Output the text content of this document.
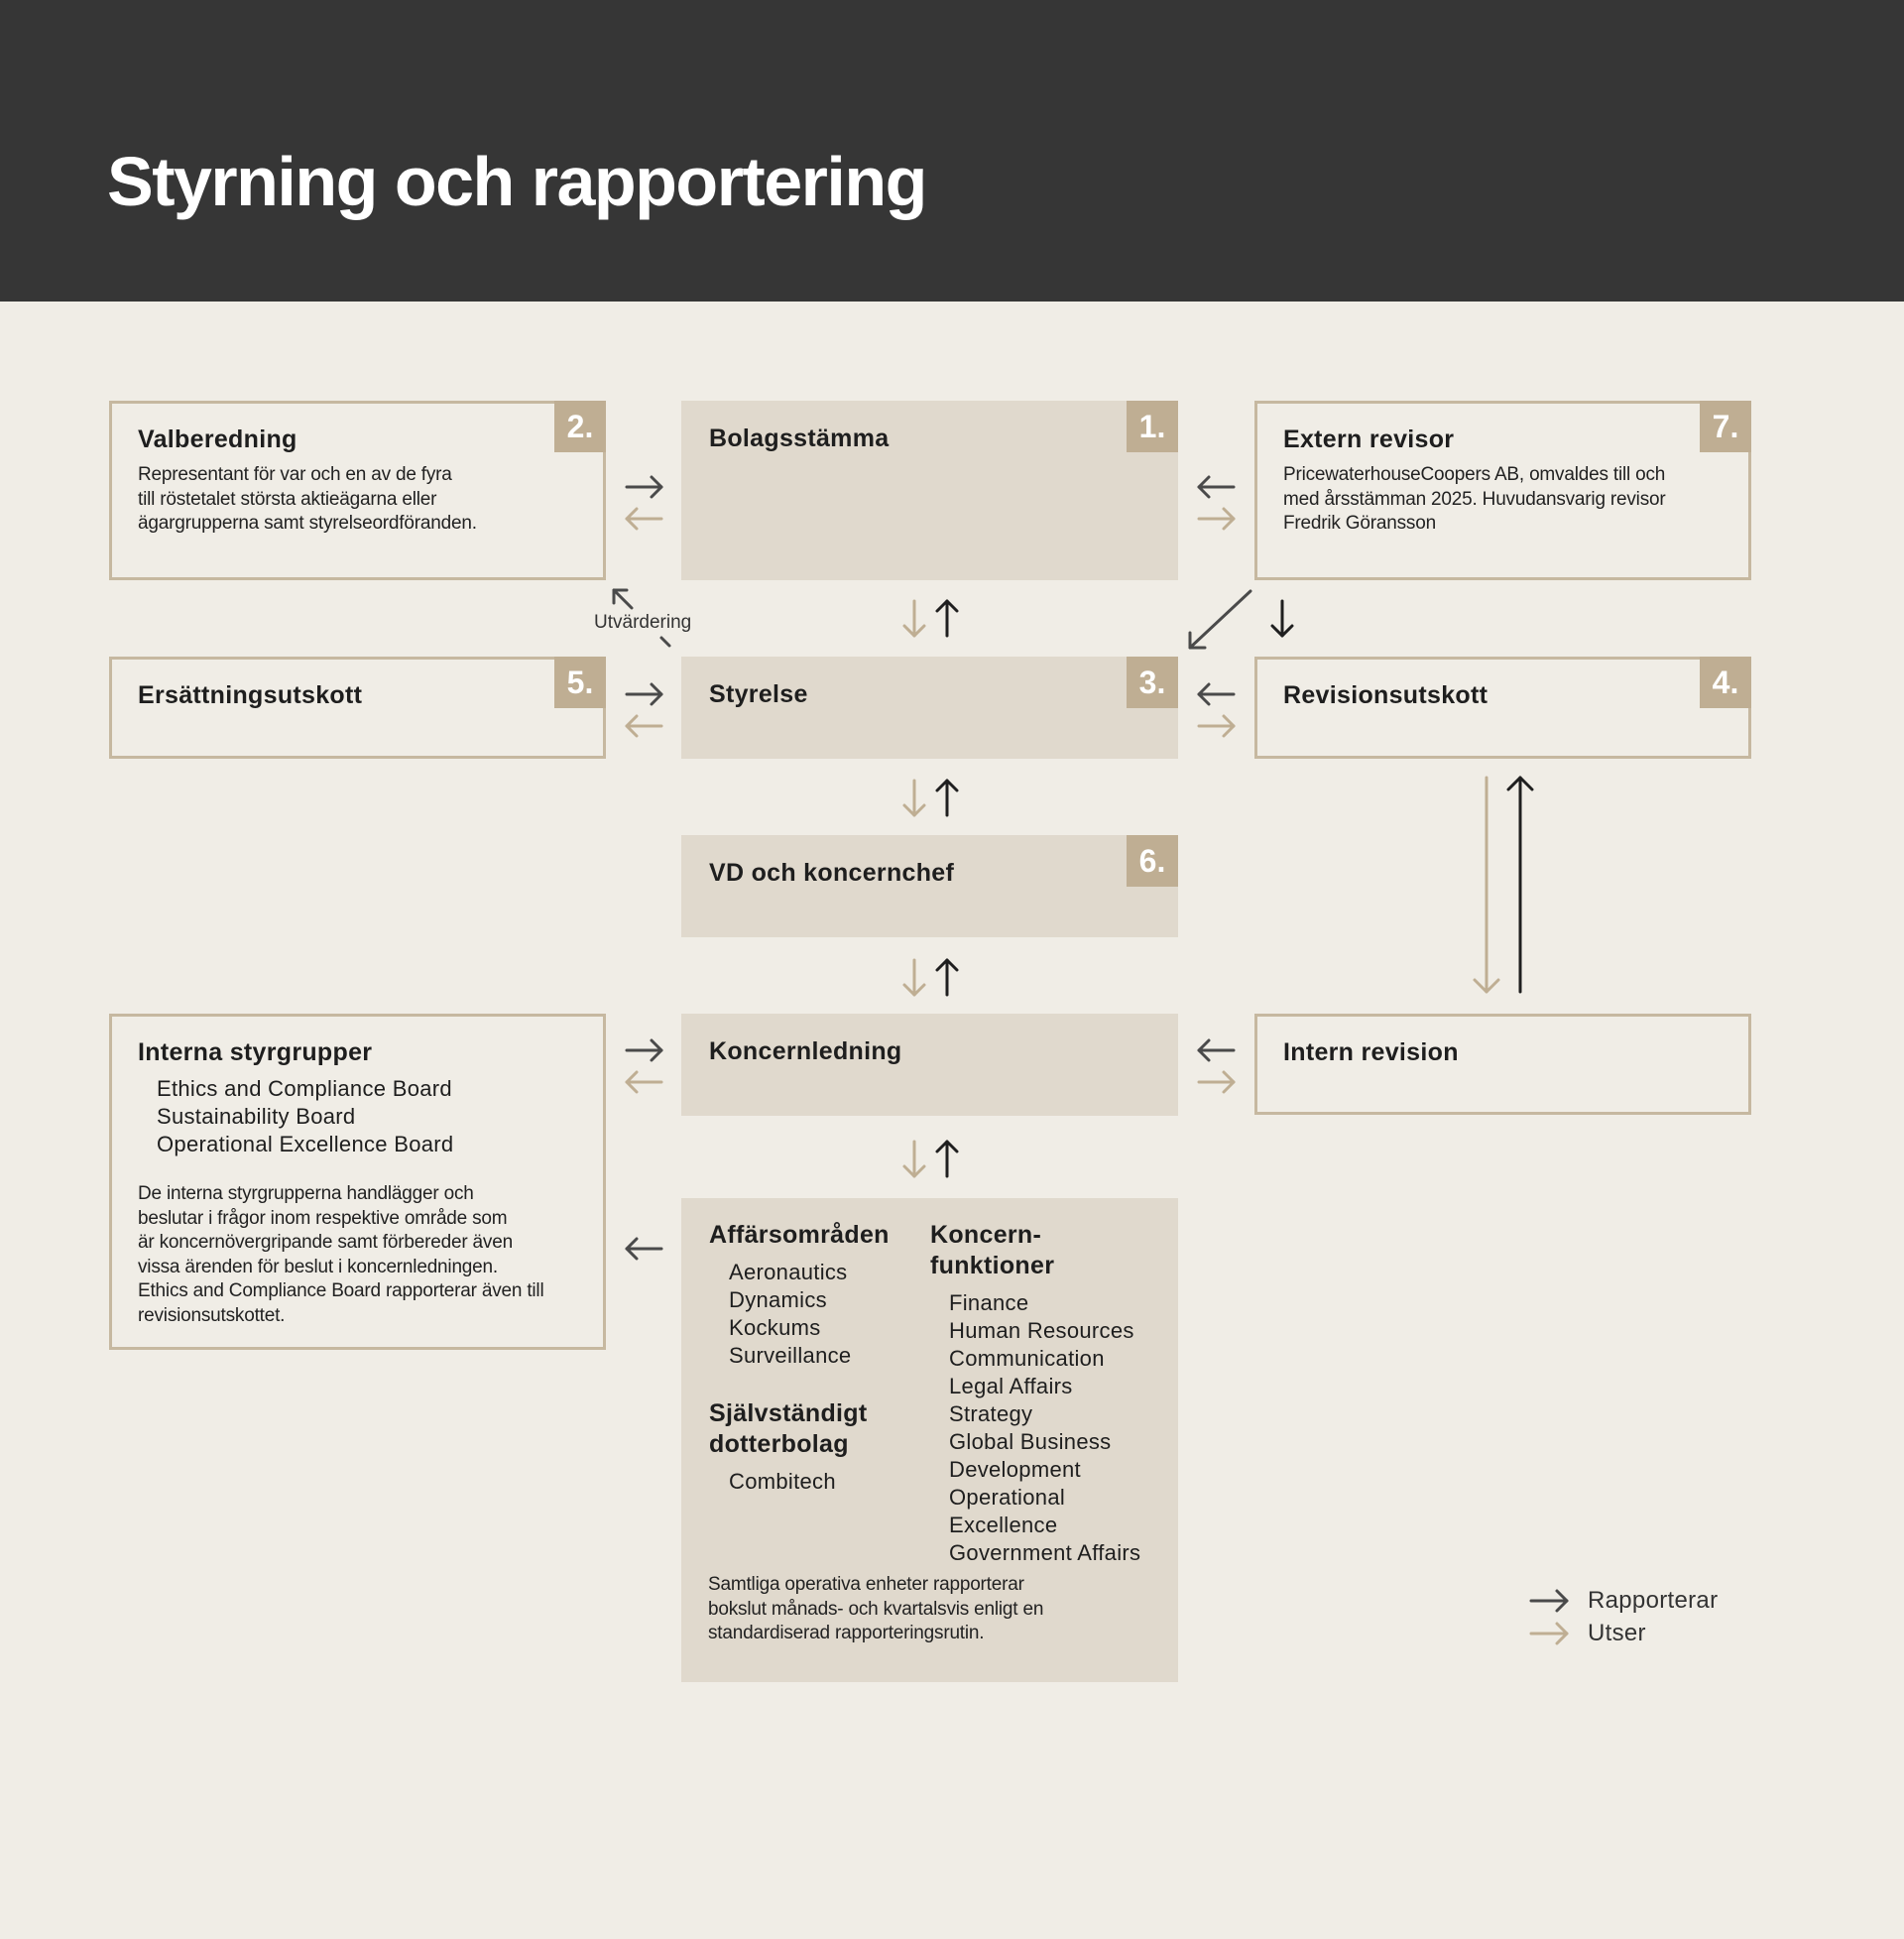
Styrning och rapportering
Valberedning	2.
Representant för var och en av de fyra
till röstetalet största aktieägarna eller
ägargrupperna samt styrelseordföranden.
Bolagsstämma	1.	Extern revisor	7.
PricewaterhouseCoopers AB, omvaldes till och
med årsstämman 2025. Huvudansvarig revisor
Fredrik Göransson
Ersättningsutskott	5.	Styrelse	3.	Revisionsutskott	4.
VD och koncernchef	6.
Interna styrgrupper
Ethics and Compliance Board
Sustainability Board
Operational Excellence Board
De interna styrgrupperna handlägger och
beslutar i frågor inom respektive område som
är koncernövergripande samt förbereder även
vissa ärenden för beslut i koncernledningen.
Ethics and Compliance Board rapporterar även till
revisionsutskottet.
Koncernledning	Intern revision
Affärsområden
Aeronautics
Dynamics
Kockums
Surveillance
Självständigt
dotterbolag
Combitech
Koncern-
funktioner
Finance
Human Resources
Communication
Legal Affairs
Strategy
Global Business
Development
Operational
Excellence
Government Affairs
Samtliga operativa enheter rapporterar
bokslut månads- och kvartalsvis enligt en
standardiserad rapporteringsrutin.
Utvärdering
Rapporterar
Utser
